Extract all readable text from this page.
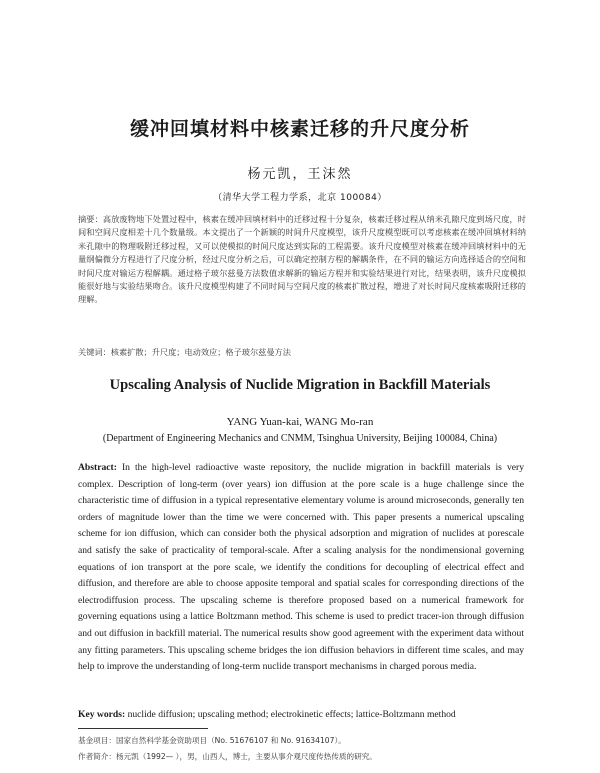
缓冲回填材料中核素迁移的升尺度分析
杨元凯，王沫然
（清华大学工程力学系，北京 100084）
摘要：高放废物地下处置过程中，核素在缓冲回填材料中的迁移过程十分复杂，核素迁移过程从纳米孔隙尺度到场尺度，时间和空间尺度相差十几个数量级。本文提出了一个新颖的时间升尺度模型，该升尺度模型既可以考虑核素在缓冲回填材料纳米孔隙中的物理吸附迁移过程，又可以使模拟的时间尺度达到实际的工程需要。该升尺度模型对核素在缓冲回填材料中的无量纲偏微分方程进行了尺度分析，经过尺度分析之后，可以确定控制方程的解耦条件，在不同的输运方向选择适合的空间和时间尺度对输运方程解耦。通过格子玻尔兹曼方法数值求解新的输运方程并和实验结果进行对比，结果表明，该升尺度模拟能很好地与实验结果吻合。该升尺度模型构建了不同时间与空间尺度的核素扩散过程，增进了对长时间尺度核素吸附迁移的理解。
关键词：核素扩散；升尺度；电动效应；格子玻尔兹曼方法
Upscaling Analysis of Nuclide Migration in Backfill Materials
YANG Yuan-kai, WANG Mo-ran
(Department of Engineering Mechanics and CNMM, Tsinghua University, Beijing 100084, China)
Abstract: In the high-level radioactive waste repository, the nuclide migration in backfill materials is very complex. Description of long-term (over years) ion diffusion at the pore scale is a huge challenge since the characteristic time of diffusion in a typical representative elementary volume is around microseconds, generally ten orders of magnitude lower than the time we were concerned with. This paper presents a numerical upscaling scheme for ion diffusion, which can consider both the physical adsorption and migration of nuclides at porescale and satisfy the sake of practicality of temporal-scale. After a scaling analysis for the nondimensional governing equations of ion transport at the pore scale, we identify the conditions for decoupling of electrical effect and diffusion, and therefore are able to choose appositе temporal and spatial scales for corresponding directions of the electrodiffusion process. The upscaling scheme is therefore proposed based on a numerical framework for governing equations using a lattice Boltzmann method. This scheme is used to predict tracer-ion through diffusion and out diffusion in backfill material. The numerical results show good agreement with the experiment data without any fitting parameters. This upscaling scheme bridges the ion diffusion behaviors in different time scales, and may help to improve the understanding of long-term nuclide transport mechanisms in charged porous media.
Key words: nuclide diffusion; upscaling method; electrokinetic effects; lattice-Boltzmann method
基金项目：国家自然科学基金资助项目（No. 51676107 和 No. 91634107）。
作者简介：杨元凯（1992— ），男，山西人，博士，主要从事介观尺度传热传质的研究。
